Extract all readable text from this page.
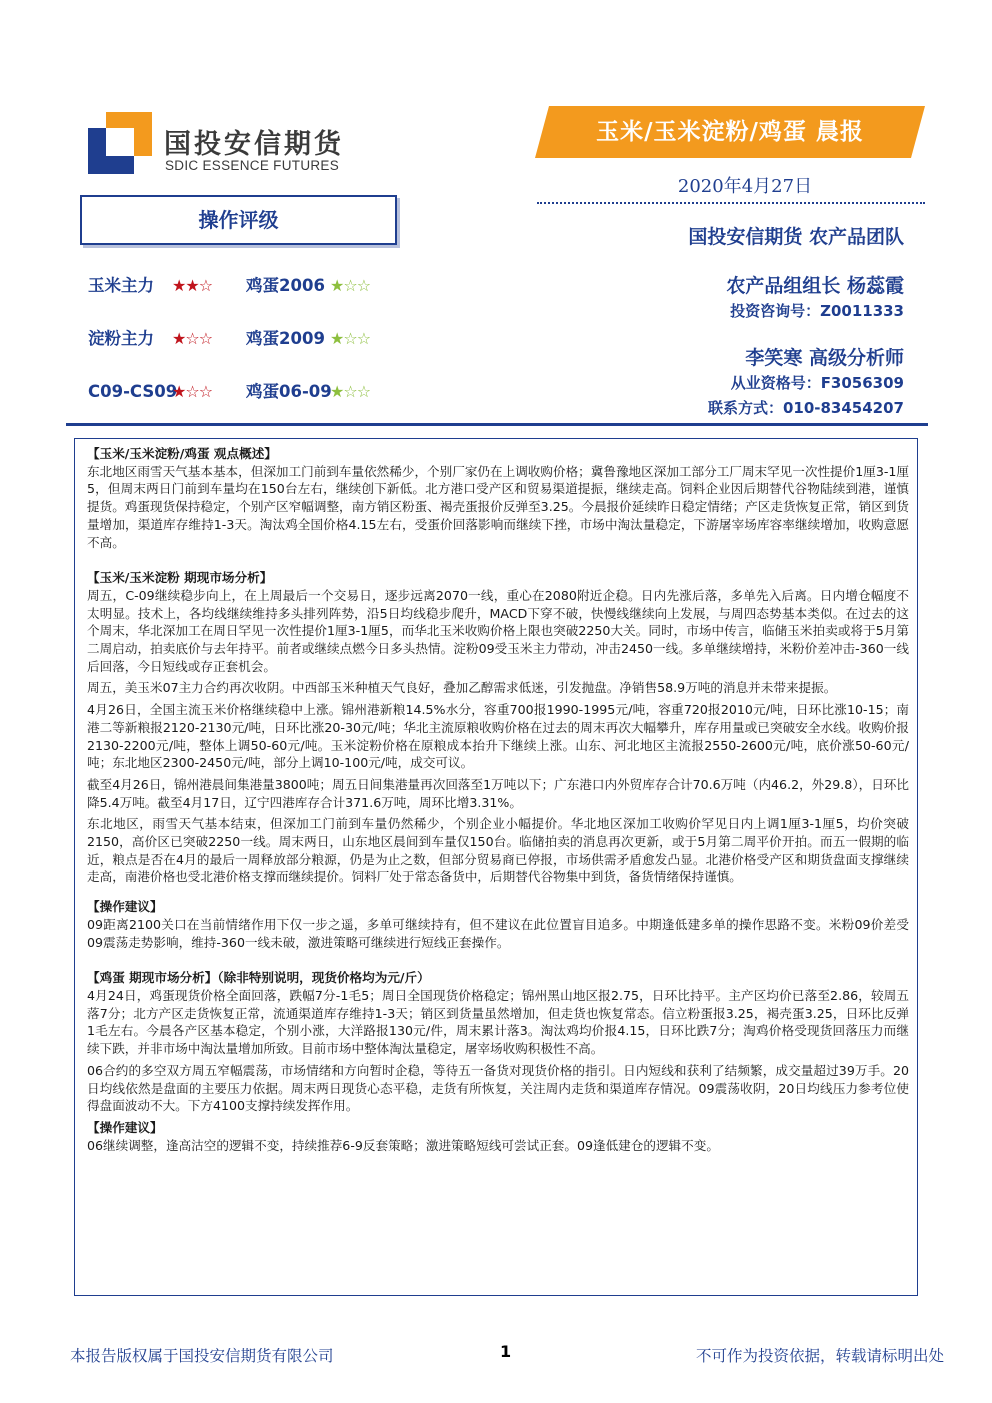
国投安信期货
SDIC ESSENCE FUTURES
玉米/玉米淀粉/鸡蛋 晨报
2020年4月27日
国投安信期货 农产品团队
农产品组组长 杨蕊霞
投资咨询号：Z0011333
李笑寒 高级分析师
从业资格号：F3056309
联系方式：010-83454207
操作评级
玉米主力 ★★☆ 鸡蛋2006 ★☆☆
淀粉主力 ★☆☆ 鸡蛋2009 ★☆☆
C09-CS09★☆☆ 鸡蛋06-09★☆☆
【玉米/玉米淀粉/鸡蛋 观点概述】

东北地区雨雪天气基本基本，但深加工门前到车量依然稀少，个别厂家仍在上调收购价格；冀鲁豫地区深加工部分工厂周末罕见一次性提价1厘3-1厘5，但周末两日门前到车量均在150台左右，继续创下新低。北方港口受产区和贸易渠道提振，继续走高。饲料企业因后期替代谷物陆续到港，谨慎提货。鸡蛋现货保持稳定，个别产区窄幅调整，南方销区粉蛋、褐壳蛋报价反弹至3.25。今晨报价延续昨日稳定情绪；产区走货恢复正常，销区到货量增加，渠道库存维持1-3天。淘汰鸡全国价格4.15左右，受蛋价回落影响而继续下挫，市场中淘汰量稳定，下游屠宰场库容率继续增加，收购意愿不高。

【玉米/玉米淀粉 期现市场分析】

周五，C-09继续稳步向上，在上周最后一个交易日，逐步远离2070一线，重心在2080附近企稳。日内先涨后落，多单先入后离。日内增仓幅度不太明显。技术上，各均线继续维持多头排列阵势，沿5日均线稳步爬升，MACD下穿不破，快慢线继续向上发展，与周四态势基本类似。在过去的这个周末，华北深加工在周日罕见一次性提价1厘3-1厘5，而华北玉米收购价格上限也突破2250大关。同时，市场中传言，临储玉米拍卖或将于5月第二周启动，拍卖底价与去年持平。前者或继续点燃今日多头热情。淀粉09受玉米主力带动，冲击2450一线。多单继续增持，米粉价差冲击-360一线后回落，今日短线或存正套机会。

周五，美玉米07主力合约再次收阴。中西部玉米种植天气良好，叠加乙醇需求低迷，引发抛盘。净销售58.9万吨的消息并未带来提振。

4月26日，全国主流玉米价格继续稳中上涨。锦州港新粮14.5%水分，容重700报1990-1995元/吨，容重720报2010元/吨，日环比涨10-15；南港二等新粮报2120-2130元/吨，日环比涨20-30元/吨；华北主流原粮收购价格在过去的周末再次大幅攀升，库存用量或已突破安全水线。收购价报2130-2200元/吨，整体上调50-60元/吨。玉米淀粉价格在原粮成本抬升下继续上涨。山东、河北地区主流报2550-2600元/吨，底价涨50-60元/吨；东北地区2300-2450元/吨，部分上调10-100元/吨，成交可议。

截至4月26日，锦州港晨间集港量3800吨；周五日间集港量再次回落至1万吨以下；广东港口内外贸库存合计70.6万吨（内46.2，外29.8），日环比降5.4万吨。截至4月17日，辽宁四港库存合计371.6万吨，周环比增3.31%。

东北地区，雨雪天气基本结束，但深加工门前到车量仍然稀少，个别企业小幅提价。华北地区深加工收购价罕见日内上调1厘3-1厘5，均价突破2150，高价区已突破2250一线。周末两日，山东地区晨间到车量仅150台。临储拍卖的消息再次更新，或于5月第二周平价开拍。而五一假期的临近，粮点是否在4月的最后一周释放部分粮源，仍是为止之数，但部分贸易商已停报，市场供需矛盾愈发凸显。北港价格受产区和期货盘面支撑继续走高，南港价格也受北港价格支撑而继续提价。饲料厂处于常态备货中，后期替代谷物集中到货，备货情绪保持谨慎。

【操作建议】

09距离2100关口在当前情绪作用下仅一步之遥，多单可继续持有，但不建议在此位置盲目追多。中期逢低建多单的操作思路不变。米粉09价差受09震荡走势影响，维持-360一线未破，激进策略可继续进行短线正套操作。

【鸡蛋 期现市场分析】（除非特别说明，现货价格均为元/斤）

4月24日，鸡蛋现货价格全面回落，跌幅7分-1毛5；周日全国现货价格稳定；锦州黑山地区报2.75，日环比持平。主产区均价已落至2.86，较周五落7分；北方产区走货恢复正常，流通渠道库存维持1-3天；销区到货量虽然增加，但走货也恢复常态。信立粉蛋报3.25，褐壳蛋3.25，日环比反弹1毛左右。今晨各产区基本稳定，个别小涨，大洋路报130元/件，周末累计落3。淘汰鸡均价报4.15，日环比跌7分；淘鸡价格受现货回落压力而继续下跌，并非市场中淘汰量增加所致。目前市场中整体淘汰量稳定，屠宰场收购积极性不高。

06合约的多空双方周五窄幅震荡，市场情绪和方向暂时企稳，等待五一备货对现货价格的指引。日内短线和获利了结频繁，成交量超过39万手。20日均线依然是盘面的主要压力依据。周末两日现货心态平稳，走货有所恢复，关注周内走货和渠道库存情况。09震荡收阴，20日均线压力参考位使得盘面波动不大。下方4100支撑持续发挥作用。

【操作建议】

06继续调整，逢高沽空的逻辑不变，持续推荐6-9反套策略；激进策略短线可尝试正套。09逢低建仓的逻辑不变。

本报告版权属于国投安信期货有限公司	1	不可作为投资依据，转载请标明出处
